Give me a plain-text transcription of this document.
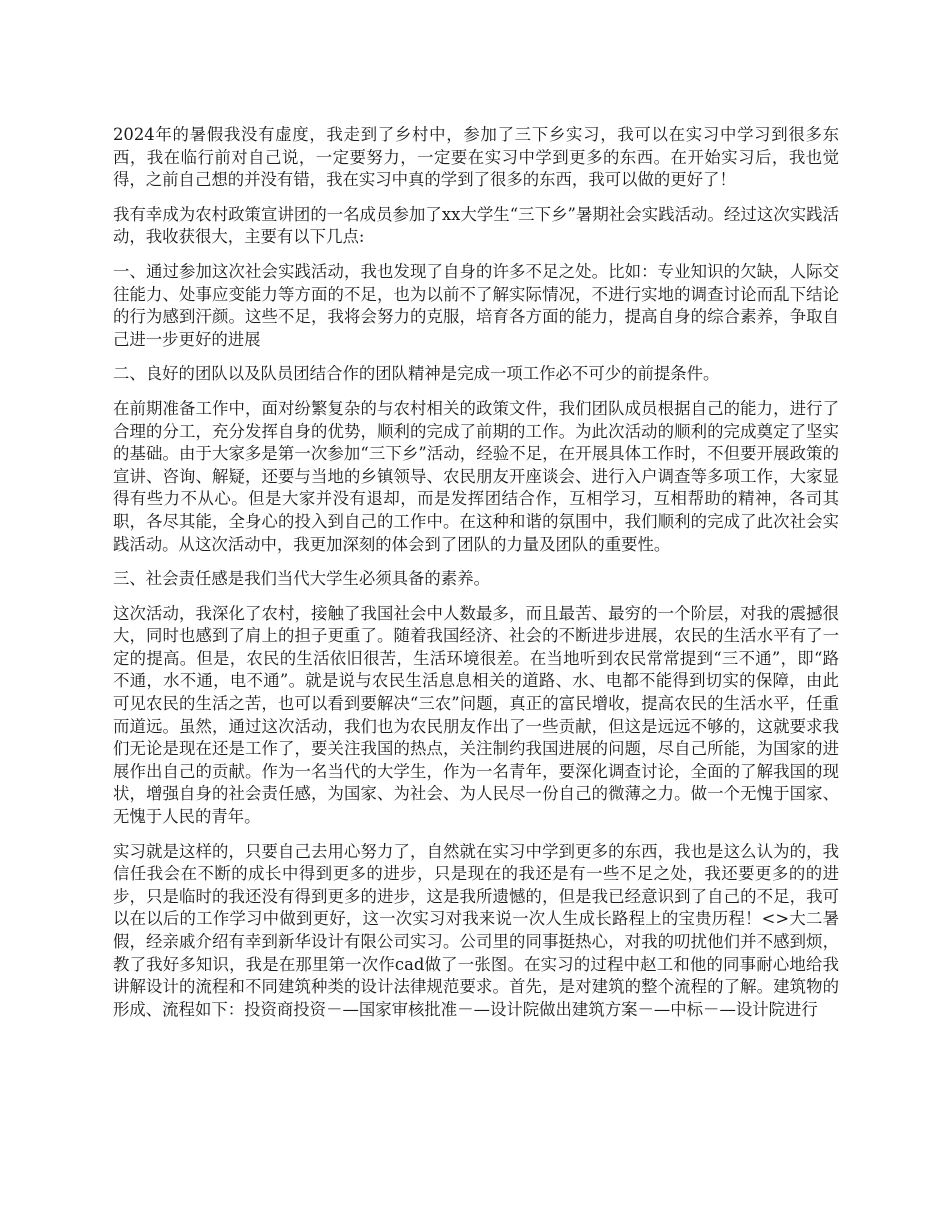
2024年的暑假我没有虚度，我走到了乡村中，参加了三下乡实习，我可以在实习中学习到很多东西，我在临行前对自己说，一定要努力，一定要在实习中学到更多的东西。在开始实习后，我也觉得，之前自己想的并没有错，我在实习中真的学到了很多的东西，我可以做的更好了！

我有幸成为农村政策宣讲团的一名成员参加了xx大学生“三下乡”暑期社会实践活动。经过这次实践活动，我收获很大，主要有以下几点:

一、通过参加这次社会实践活动，我也发现了自身的许多不足之处。比如：专业知识的欠缺，人际交往能力、处事应变能力等方面的不足，也为以前不了解实际情况，不进行实地的调查讨论而乱下结论的行为感到汗颜。这些不足，我将会努力的克服，培育各方面的能力，提高自身的综合素养，争取自己进一步更好的进展

二、良好的团队以及队员团结合作的团队精神是完成一项工作必不可少的前提条件。

在前期准备工作中，面对纷繁复杂的与农村相关的政策文件，我们团队成员根据自己的能力，进行了合理的分工，充分发挥自身的优势，顺利的完成了前期的工作。为此次活动的顺利的完成奠定了坚实的基础。由于大家多是第一次参加“三下乡”活动，经验不足，在开展具体工作时，不但要开展政策的宣讲、咨询、解疑，还要与当地的乡镇领导、农民朋友开座谈会、进行入户调查等多项工作，大家显得有些力不从心。但是大家并没有退却，而是发挥团结合作，互相学习，互相帮助的精神，各司其职，各尽其能，全身心的投入到自己的工作中。在这种和谐的氛围中，我们顺利的完成了此次社会实践活动。从这次活动中，我更加深刻的体会到了团队的力量及团队的重要性。

三、社会责任感是我们当代大学生必须具备的素养。

这次活动，我深化了农村，接触了我国社会中人数最多，而且最苦、最穷的一个阶层，对我的震撼很大，同时也感到了肩上的担子更重了。随着我国经济、社会的不断进步进展，农民的生活水平有了一定的提高。但是，农民的生活依旧很苦，生活环境很差。在当地听到农民常常提到“三不通”，即“路不通，水不通，电不通”。就是说与农民生活息息相关的道路、水、电都不能得到切实的保障，由此可见农民的生活之苦，也可以看到要解决“三农”问题，真正的富民增收，提高农民的生活水平，任重而道远。虽然，通过这次活动，我们也为农民朋友作出了一些贡献，但这是远远不够的，这就要求我们无论是现在还是工作了，要关注我国的热点，关注制约我国进展的问题，尽自己所能，为国家的进展作出自己的贡献。作为一名当代的大学生，作为一名青年，要深化调查讨论，全面的了解我国的现状，增强自身的社会责任感，为国家、为社会、为人民尽一份自己的微薄之力。做一个无愧于国家、无愧于人民的青年。

实习就是这样的，只要自己去用心努力了，自然就在实习中学到更多的东西，我也是这么认为的，我信任我会在不断的成长中得到更多的进步，只是现在的我还是有一些不足之处，我还要更多的的进步，只是临时的我还没有得到更多的进步，这是我所遗憾的，但是我已经意识到了自己的不足，我可以在以后的工作学习中做到更好，这一次实习对我来说一次人生成长路程上的宝贵历程！<>大二暑假，经亲戚介绍有幸到新华设计有限公司实习。公司里的同事挺热心，对我的叨扰他们并不感到烦，教了我好多知识，我是在那里第一次作cad做了一张图。在实习的过程中赵工和他的同事耐心地给我讲解设计的流程和不同建筑种类的设计法律规范要求。首先，是对建筑的整个流程的了解。建筑物的形成、流程如下：投资商投资－—国家审核批准－—设计院做出建筑方案－—中标－—设计院进行
